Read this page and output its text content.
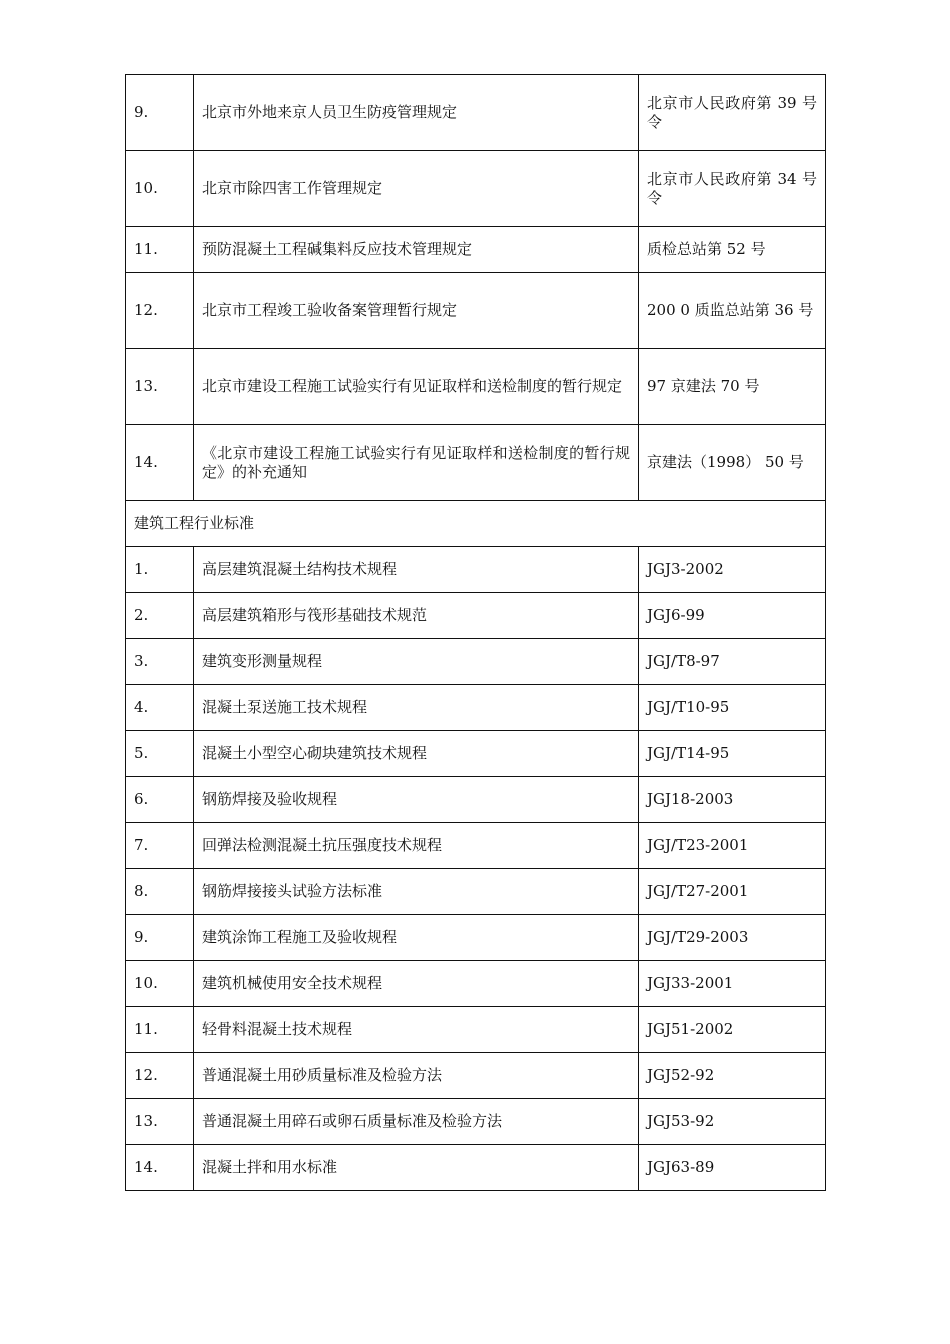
9.	北京市外地来京人员卫生防疫管理规定	北京市人民政府第 39 号令
10.	北京市除四害工作管理规定	北京市人民政府第 34 号令
11.	预防混凝土工程碱集料反应技术管理规定	质检总站第 52 号
12.	北京市工程竣工验收备案管理暂行规定	200 0 质监总站第 36 号
13.	北京市建设工程施工试验实行有见证取样和送检制度的暂行规定	97 京建法 70 号
14.	《北京市建设工程施工试验实行有见证取样和送检制度的暂行规定》的补充通知	京建法（1998） 50 号
建筑工程行业标准		
1.	高层建筑混凝土结构技术规程	JGJ3-2002
2.	高层建筑箱形与筏形基础技术规范	JGJ6-99
3.	建筑变形测量规程	JGJ/T8-97
4.	混凝土泵送施工技术规程	JGJ/T10-95
5.	混凝土小型空心砌块建筑技术规程	JGJ/T14-95
6.	钢筋焊接及验收规程	JGJ18-2003
7.	回弹法检测混凝土抗压强度技术规程	JGJ/T23-2001
8.	钢筋焊接接头试验方法标准	JGJ/T27-2001
9.	建筑涂饰工程施工及验收规程	JGJ/T29-2003
10.	建筑机械使用安全技术规程	JGJ33-2001
11.	轻骨料混凝土技术规程	JGJ51-2002
12.	普通混凝土用砂质量标准及检验方法	JGJ52-92
13.	普通混凝土用碎石或卵石质量标准及检验方法	JGJ53-92
14.	混凝土拌和用水标准	JGJ63-89
